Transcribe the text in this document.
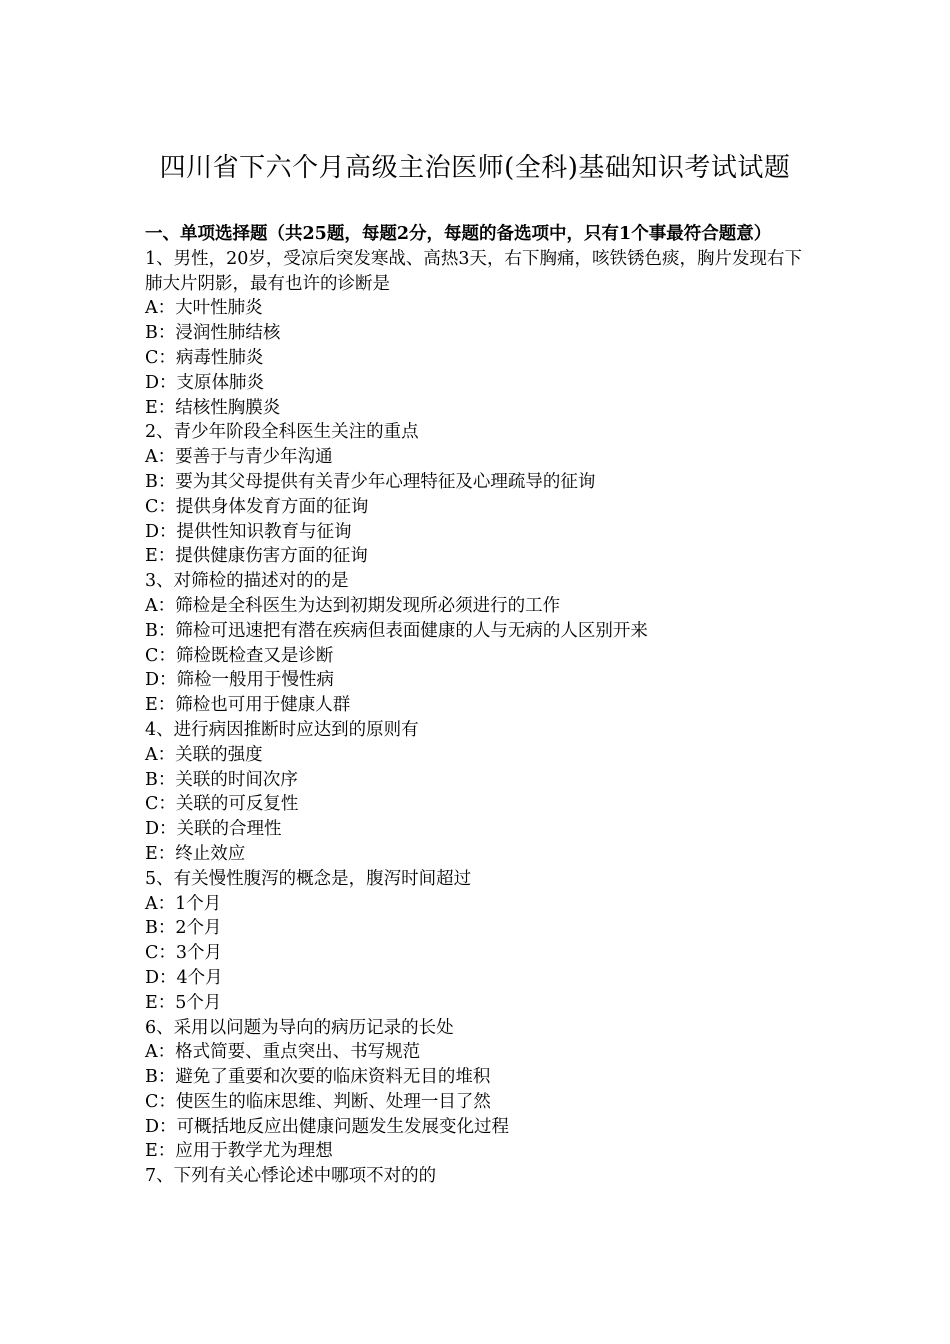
四川省下六个月高级主治医师(全科)基础知识考试试题
一、单项选择题（共25题，每题2分，每题的备选项中，只有1个事最符合题意）
1、男性，20岁，受凉后突发寒战、高热3天，右下胸痛，咳铁锈色痰，胸片发现右下肺大片阴影，最有也许的诊断是
A：大叶性肺炎
B：浸润性肺结核
C：病毒性肺炎
D：支原体肺炎
E：结核性胸膜炎
2、青少年阶段全科医生关注的重点
A：要善于与青少年沟通
B：要为其父母提供有关青少年心理特征及心理疏导的征询
C：提供身体发育方面的征询
D：提供性知识教育与征询
E：提供健康伤害方面的征询
3、对筛检的描述对的的是
A：筛检是全科医生为达到初期发现所必须进行的工作
B：筛检可迅速把有潜在疾病但表面健康的人与无病的人区别开来
C：筛检既检查又是诊断
D：筛检一般用于慢性病
E：筛检也可用于健康人群
4、进行病因推断时应达到的原则有
A：关联的强度
B：关联的时间次序
C：关联的可反复性
D：关联的合理性
E：终止效应
5、有关慢性腹泻的概念是，腹泻时间超过
A：1个月
B：2个月
C：3个月
D：4个月
E：5个月
6、采用以问题为导向的病历记录的长处
A：格式简要、重点突出、书写规范
B：避免了重要和次要的临床资料无目的堆积
C：使医生的临床思维、判断、处理一目了然
D：可概括地反应出健康问题发生发展变化过程
E：应用于教学尤为理想
7、下列有关心悸论述中哪项不对的的
